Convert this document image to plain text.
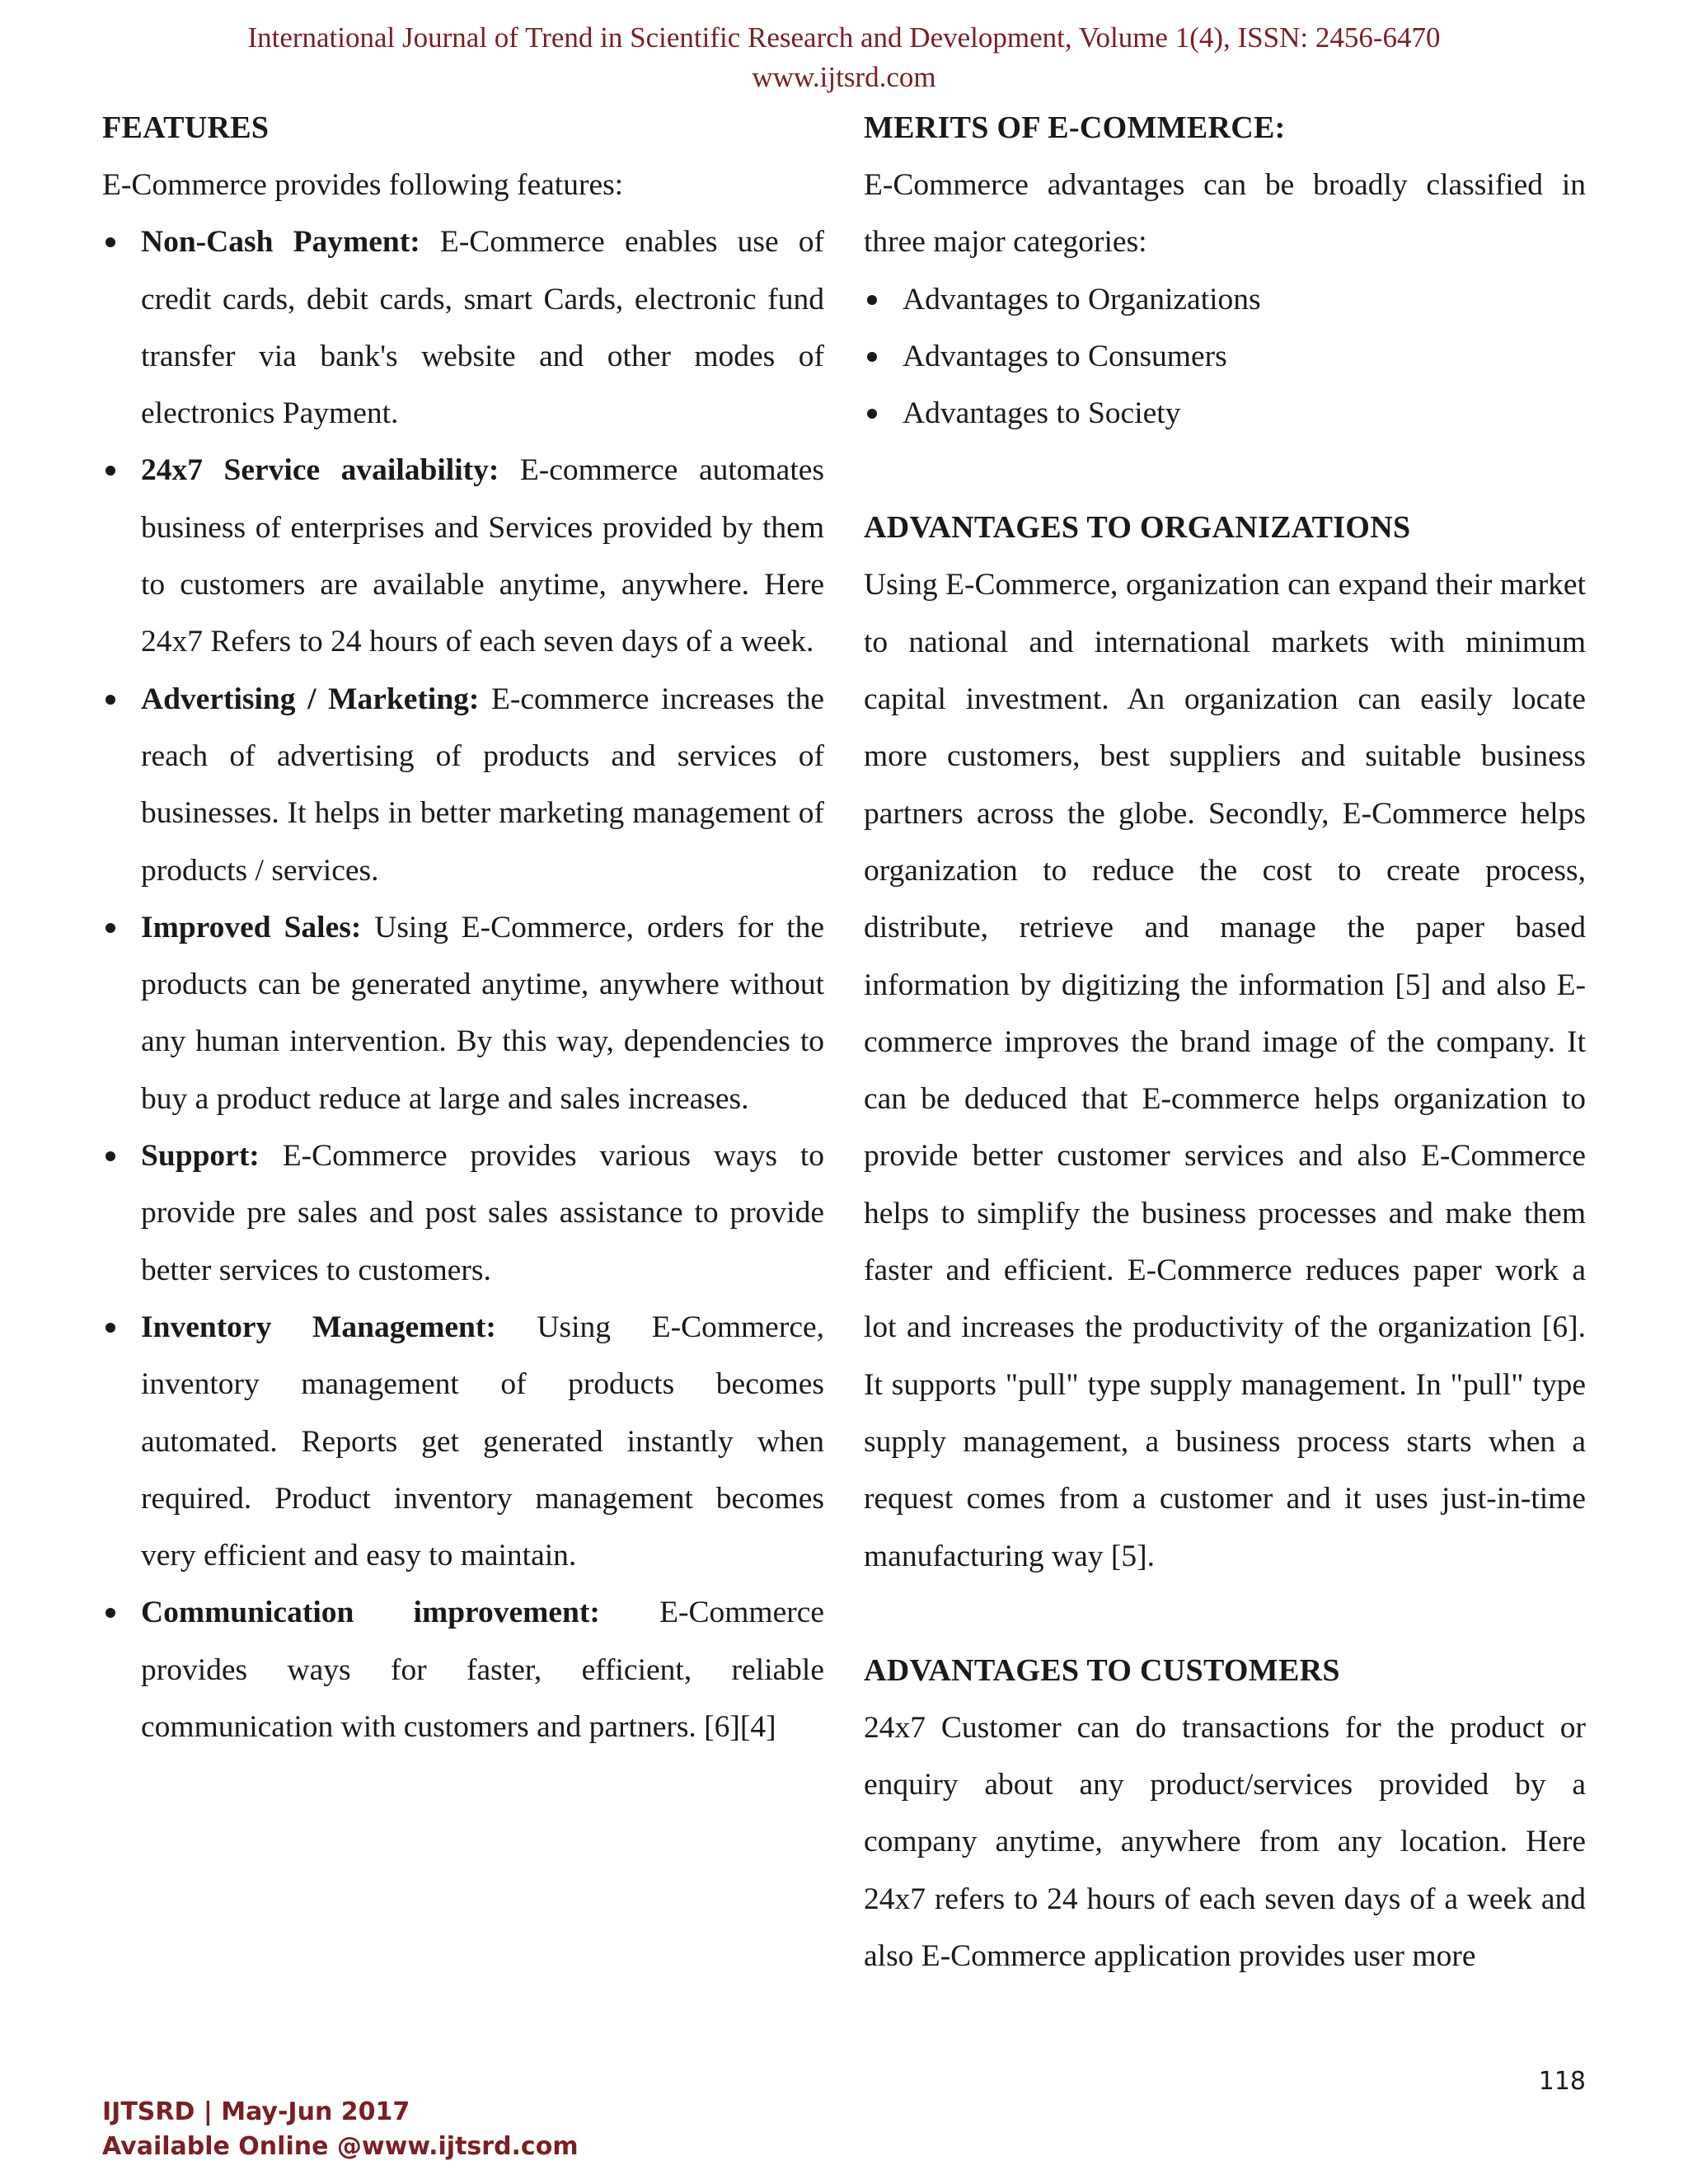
International Journal of Trend in Scientific Research and Development, Volume 1(4), ISSN: 2456-6470
www.ijtsrd.com
FEATURES
E-Commerce provides following features:
Non-Cash Payment: E-Commerce enables use of credit cards, debit cards, smart Cards, electronic fund transfer via bank's website and other modes of electronics Payment.
24x7 Service availability: E-commerce automates business of enterprises and Services provided by them to customers are available anytime, anywhere. Here 24x7 Refers to 24 hours of each seven days of a week.
Advertising / Marketing: E-commerce increases the reach of advertising of products and services of businesses. It helps in better marketing management of products / services.
Improved Sales: Using E-Commerce, orders for the products can be generated anytime, anywhere without any human intervention. By this way, dependencies to buy a product reduce at large and sales increases.
Support: E-Commerce provides various ways to provide pre sales and post sales assistance to provide better services to customers.
Inventory Management: Using E-Commerce, inventory management of products becomes automated. Reports get generated instantly when required. Product inventory management becomes very efficient and easy to maintain.
Communication improvement: E-Commerce provides ways for faster, efficient, reliable communication with customers and partners. [6][4]
MERITS OF E-COMMERCE:
E-Commerce advantages can be broadly classified in three major categories:
Advantages to Organizations
Advantages to Consumers
Advantages to Society
ADVANTAGES TO ORGANIZATIONS
Using E-Commerce, organization can expand their market to national and international markets with minimum capital investment. An organization can easily locate more customers, best suppliers and suitable business partners across the globe. Secondly, E-Commerce helps organization to reduce the cost to create process, distribute, retrieve and manage the paper based information by digitizing the information [5] and also E-commerce improves the brand image of the company. It can be deduced that E-commerce helps organization to provide better customer services and also E-Commerce helps to simplify the business processes and make them faster and efficient. E-Commerce reduces paper work a lot and increases the productivity of the organization [6]. It supports "pull" type supply management. In "pull" type supply management, a business process starts when a request comes from a customer and it uses just-in-time manufacturing way [5].
ADVANTAGES TO CUSTOMERS
24x7 Customer can do transactions for the product or enquiry about any product/services provided by a company anytime, anywhere from any location. Here 24x7 refers to 24 hours of each seven days of a week and also E-Commerce application provides user more
118
IJTSRD | May-Jun 2017
Available Online @www.ijtsrd.com
